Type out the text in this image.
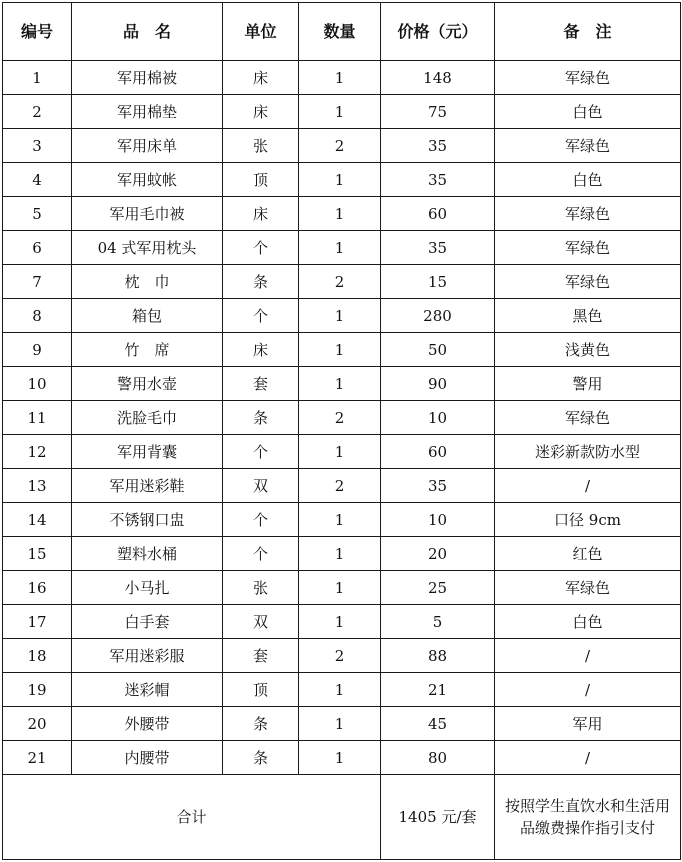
编号	品　名	单位	数量	价格（元）	备　注
1	军用棉被	床	1	148	军绿色
2	军用棉垫	床	1	75	白色
3	军用床单	张	2	35	军绿色
4	军用蚊帐	顶	1	35	白色
5	军用毛巾被	床	1	60	军绿色
6	04 式军用枕头	个	1	35	军绿色
7	枕　巾	条	2	15	军绿色
8	箱包	个	1	280	黑色
9	竹　席	床	1	50	浅黄色
10	警用水壶	套	1	90	警用
11	洗脸毛巾	条	2	10	军绿色
12	军用背囊	个	1	60	迷彩新款防水型
13	军用迷彩鞋	双	2	35	/
14	不锈钢口盅	个	1	10	口径 9cm
15	塑料水桶	个	1	20	红色
16	小马扎	张	1	25	军绿色
17	白手套	双	1	5	白色
18	军用迷彩服	套	2	88	/
19	迷彩帽	顶	1	21	/
20	外腰带	条	1	45	军用
21	内腰带	条	1	80	/
合计				1405 元/套	按照学生直饮水和生活用品缴费操作指引支付
